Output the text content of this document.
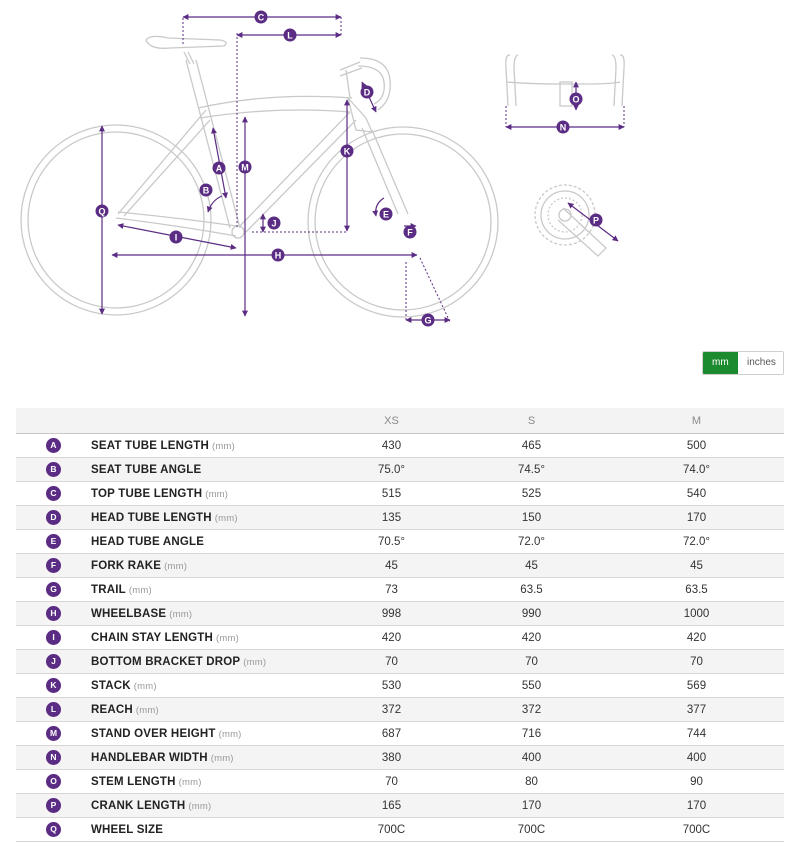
C
L
D
K
M
A
B
Q	E
J
F
I
H
G
O
N
P
mm	inches
		XS	S	M
A	SEAT TUBE LENGTH (mm)	430	465	500
B	SEAT TUBE ANGLE	75.0°	74.5°	74.0°
C	TOP TUBE LENGTH (mm)	515	525	540
D	HEAD TUBE LENGTH (mm)	135	150	170
E	HEAD TUBE ANGLE	70.5°	72.0°	72.0°
F	FORK RAKE (mm)	45	45	45
G	TRAIL (mm)	73	63.5	63.5
H	WHEELBASE (mm)	998	990	1000
I	CHAIN STAY LENGTH (mm)	420	420	420
J	BOTTOM BRACKET DROP (mm)	70	70	70
K	STACK (mm)	530	550	569
L	REACH (mm)	372	372	377
M	STAND OVER HEIGHT (mm)	687	716	744
N	HANDLEBAR WIDTH (mm)	380	400	400
O	STEM LENGTH (mm)	70	80	90
P	CRANK LENGTH (mm)	165	170	170
Q	WHEEL SIZE	700C	700C	700C
